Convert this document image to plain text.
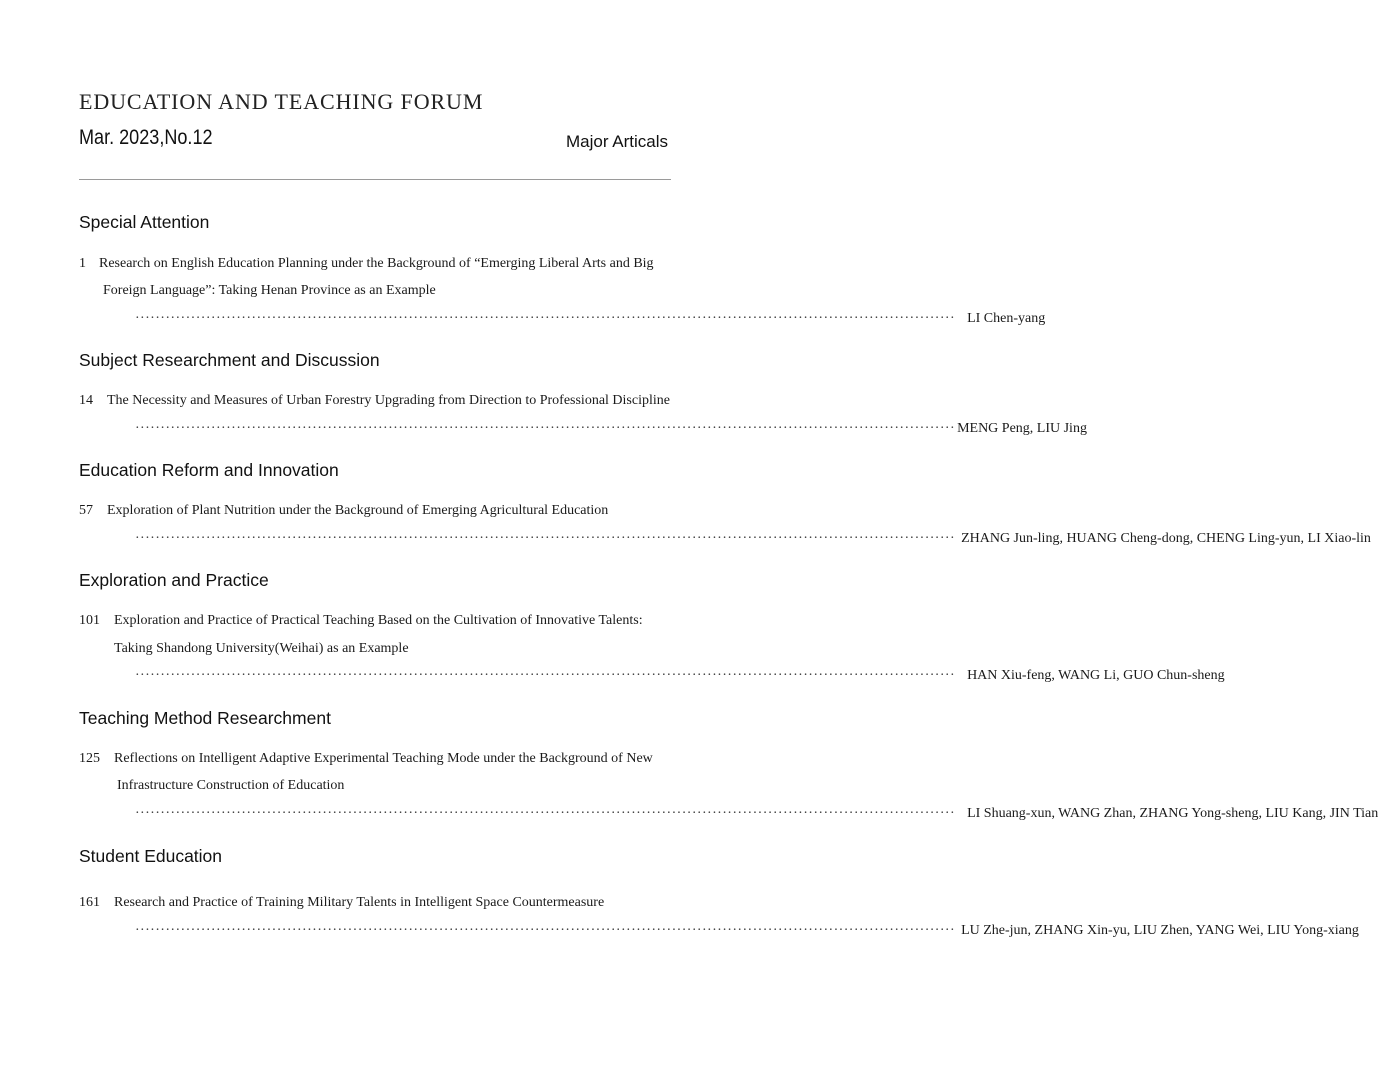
EDUCATION AND TEACHING FORUM
Mar. 2023,No.12	Major Articals
Special Attention
1 Research on English Education Planning under the Background of “Emerging Liberal Arts and Big
Foreign Language”: Taking Henan Province as an Example
·································································································································································· LI Chen-yang
Subject Researchment and Discussion
14 The Necessity and Measures of Urban Forestry Upgrading from Direction to Professional Discipline
·································································································································································· MENG Peng, LIU Jing
Education Reform and Innovation
57 Exploration of Plant Nutrition under the Background of Emerging Agricultural Education
·································································································································································· ZHANG Jun-ling, HUANG Cheng-dong, CHENG Ling-yun, LI Xiao-lin
Exploration and Practice
101 Exploration and Practice of Practical Teaching Based on the Cultivation of Innovative Talents:
Taking Shandong University(Weihai) as an Example
·································································································································································· HAN Xiu-feng, WANG Li, GUO Chun-sheng
Teaching Method Researchment
125 Reflections on Intelligent Adaptive Experimental Teaching Mode under the Background of New
Infrastructure Construction of Education
·································································································································································· LI Shuang-xun, WANG Zhan, ZHANG Yong-sheng, LIU Kang, JIN Tian
Student Education
161 Research and Practice of Training Military Talents in Intelligent Space Countermeasure
·································································································································································· LU Zhe-jun, ZHANG Xin-yu, LIU Zhen, YANG Wei, LIU Yong-xiang
